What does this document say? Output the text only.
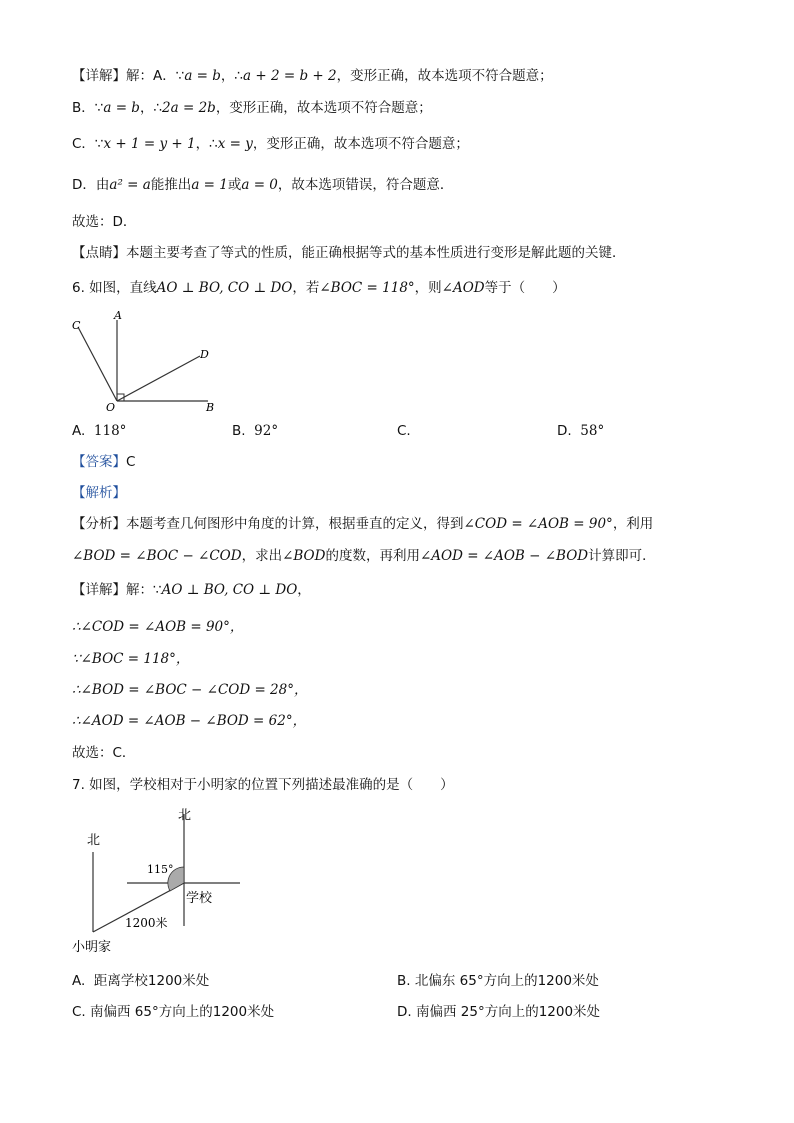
【详解】解：A．∵a = b，∴a + 2 = b + 2，变形正确，故本选项不符合题意；
B．∵a = b，∴2a = 2b，变形正确，故本选项不符合题意；
C．∵x + 1 = y + 1，∴x = y，变形正确，故本选项不符合题意；
D．由a² = a能推出a = 1或a = 0，故本选项错误，符合题意．
故选：D．
【点睛】本题主要考查了等式的性质，能正确根据等式的基本性质进行变形是解此题的关键．
6. 如图，直线AO ⊥ BO, CO ⊥ DO，若∠BOC = 118°，则∠AOD等于（　　）
C
A
D
O	B
A. 118°	B. 92°	C.	D. 58°
【答案】C
【解析】
【分析】本题考查几何图形中角度的计算，根据垂直的定义，得到∠COD = ∠AOB = 90°，利用
∠BOD = ∠BOC − ∠COD，求出∠BOD的度数，再利用∠AOD = ∠AOB − ∠BOD计算即可．
【详解】解：∵AO ⊥ BO, CO ⊥ DO，
∴∠COD = ∠AOB = 90°，
∵∠BOC = 118°，
∴∠BOD = ∠BOC − ∠COD = 28°，
∴∠AOD = ∠AOB − ∠BOD = 62°，
故选：C．
7. 如图，学校相对于小明家的位置下列描述最准确的是（　　）
北
北
115°
学校
1200米
小明家
A. 距离学校1200米处	B. 北偏东 65°方向上的1200米处
C. 南偏西 65°方向上的1200米处	D. 南偏西 25°方向上的1200米处
